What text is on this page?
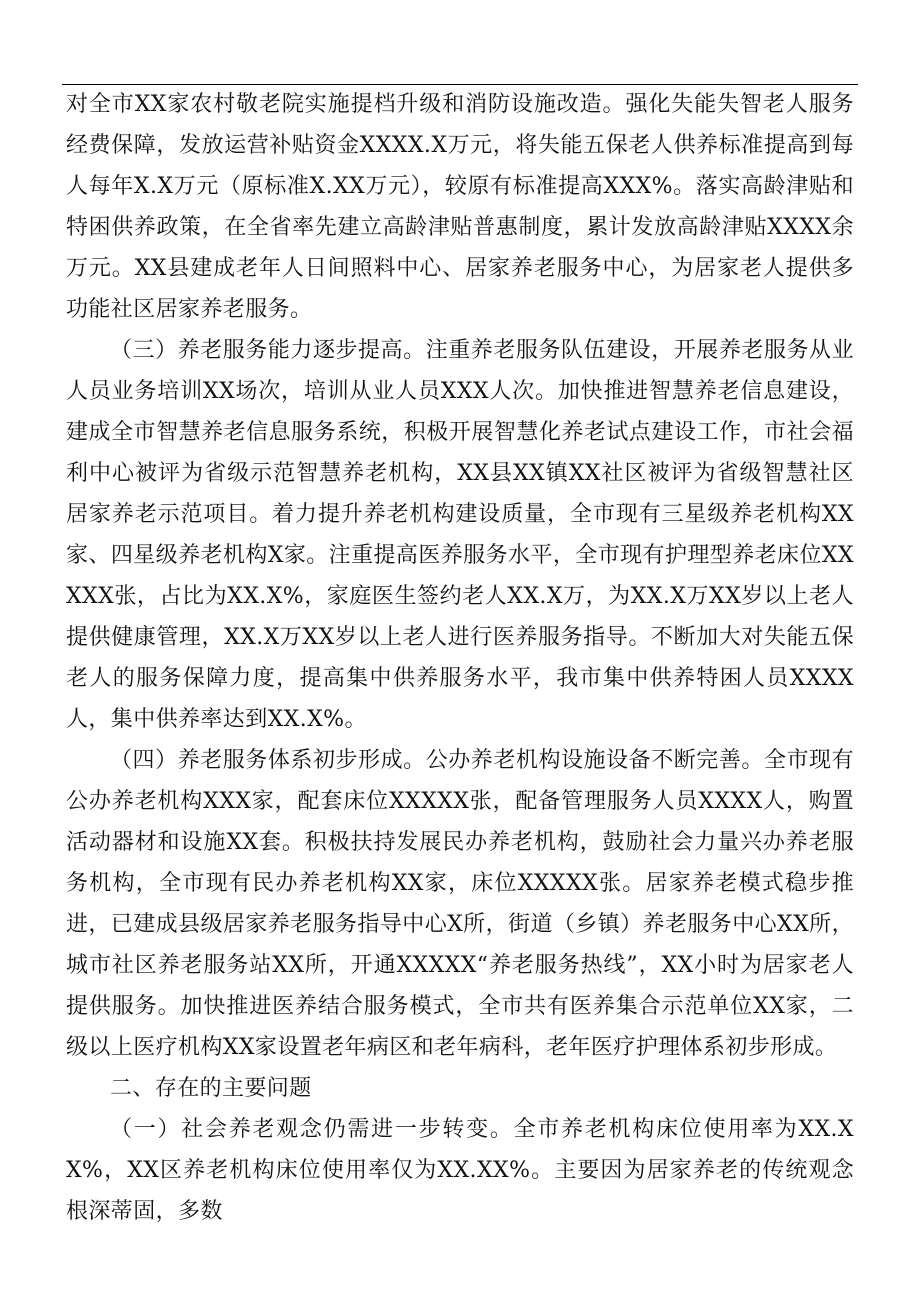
对全市XX家农村敬老院实施提档升级和消防设施改造。强化失能失智老人服务经费保障，发放运营补贴资金XXXX.X万元，将失能五保老人供养标准提高到每人每年X.X万元（原标准X.XX万元），较原有标准提高XXX%。落实高龄津贴和特困供养政策，在全省率先建立高龄津贴普惠制度，累计发放高龄津贴XXXX余万元。XX县建成老年人日间照料中心、居家养老服务中心，为居家老人提供多功能社区居家养老服务。

（三）养老服务能力逐步提高。注重养老服务队伍建设，开展养老服务从业人员业务培训XX场次，培训从业人员XXX人次。加快推进智慧养老信息建设，建成全市智慧养老信息服务系统，积极开展智慧化养老试点建设工作，市社会福利中心被评为省级示范智慧养老机构，XX县XX镇XX社区被评为省级智慧社区居家养老示范项目。着力提升养老机构建设质量，全市现有三星级养老机构XX家、四星级养老机构X家。注重提高医养服务水平，全市现有护理型养老床位XXXXX张，占比为XX.X%，家庭医生签约老人XX.X万，为XX.X万XX岁以上老人提供健康管理，XX.X万XX岁以上老人进行医养服务指导。不断加大对失能五保老人的服务保障力度，提高集中供养服务水平，我市集中供养特困人员XXXX人，集中供养率达到XX.X%。

（四）养老服务体系初步形成。公办养老机构设施设备不断完善。全市现有公办养老机构XXX家，配套床位XXXXX张，配备管理服务人员XXXX人，购置活动器材和设施XX套。积极扶持发展民办养老机构，鼓励社会力量兴办养老服务机构，全市现有民办养老机构XX家，床位XXXXX张。居家养老模式稳步推进，已建成县级居家养老服务指导中心X所，街道（乡镇）养老服务中心XX所，城市社区养老服务站XX所，开通XXXXX“养老服务热线”，XX小时为居家老人提供服务。加快推进医养结合服务模式，全市共有医养集合示范单位XX家，二级以上医疗机构XX家设置老年病区和老年病科，老年医疗护理体系初步形成。

二、存在的主要问题

（一）社会养老观念仍需进一步转变。全市养老机构床位使用率为XX.XX%，XX区养老机构床位使用率仅为XX.XX%。主要因为居家养老的传统观念根深蒂固，多数
